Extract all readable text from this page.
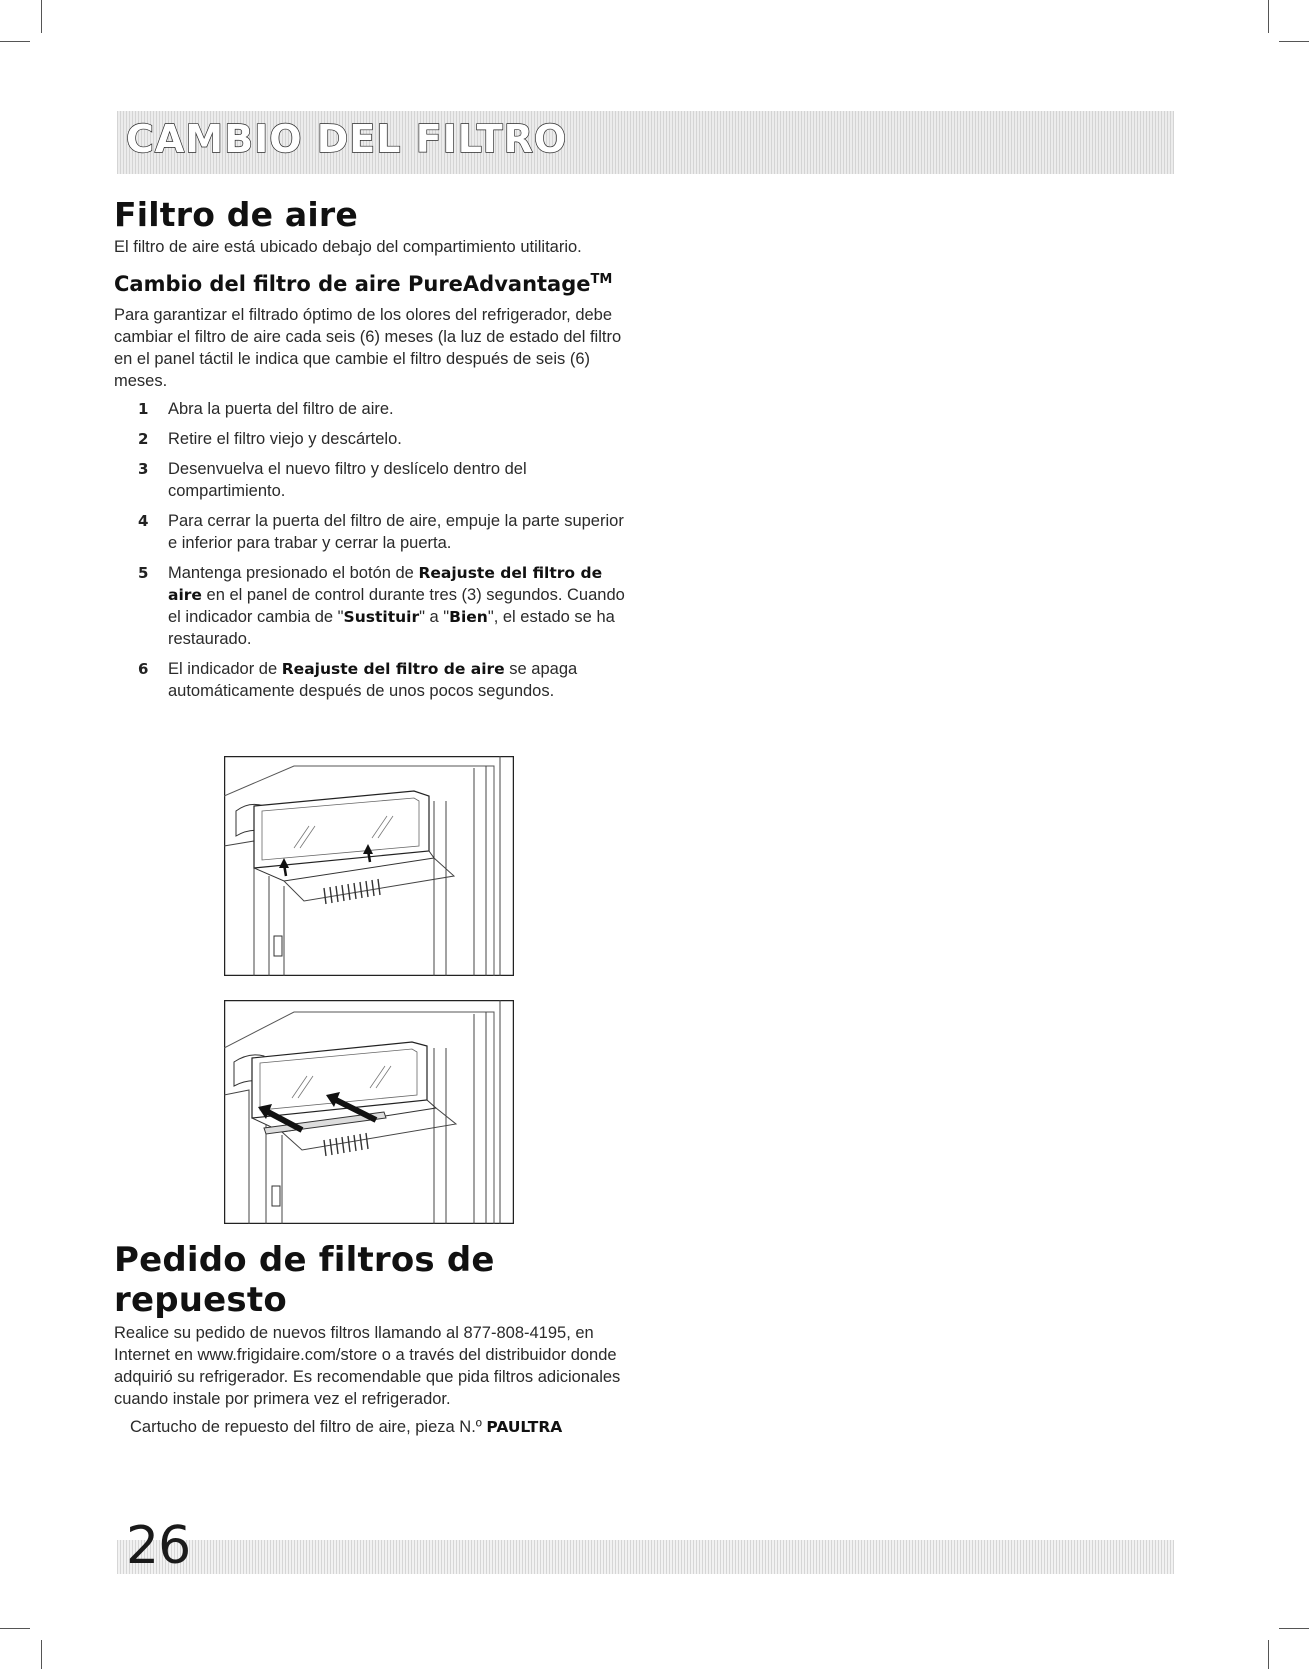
CAMBIO DEL FILTRO
Filtro de aire

El filtro de aire está ubicado debajo del compartimiento utilitario.

Cambio del filtro de aire PureAdvantage™

Para garantizar el filtrado óptimo de los olores del refrigerador, debe cambiar el filtro de aire cada seis (6) meses (la luz de estado del filtro en el panel táctil le indica que cambie el filtro después de seis (6) meses.

1 Abra la puerta del filtro de aire.
2 Retire el filtro viejo y descártelo.
3 Desenvuelva el nuevo filtro y deslícelo dentro del compartimiento.
4 Para cerrar la puerta del filtro de aire, empuje la parte superior e inferior para trabar y cerrar la puerta.
5 Mantenga presionado el botón de Reajuste del filtro de aire en el panel de control durante tres (3) segundos. Cuando el indicador cambia de "Sustituir" a "Bien", el estado se ha restaurado.
6 El indicador de Reajuste del filtro de aire se apaga automáticamente después de unos pocos segundos.
Pedido de filtros de repuesto

Realice su pedido de nuevos filtros llamando al 877-808-4195, en Internet en www.frigidaire.com/store o a través del distribuidor donde adquirió su refrigerador. Es recomendable que pida filtros adicionales cuando instale por primera vez el refrigerador.

Cartucho de repuesto del filtro de aire, pieza N.º PAULTRA

26
